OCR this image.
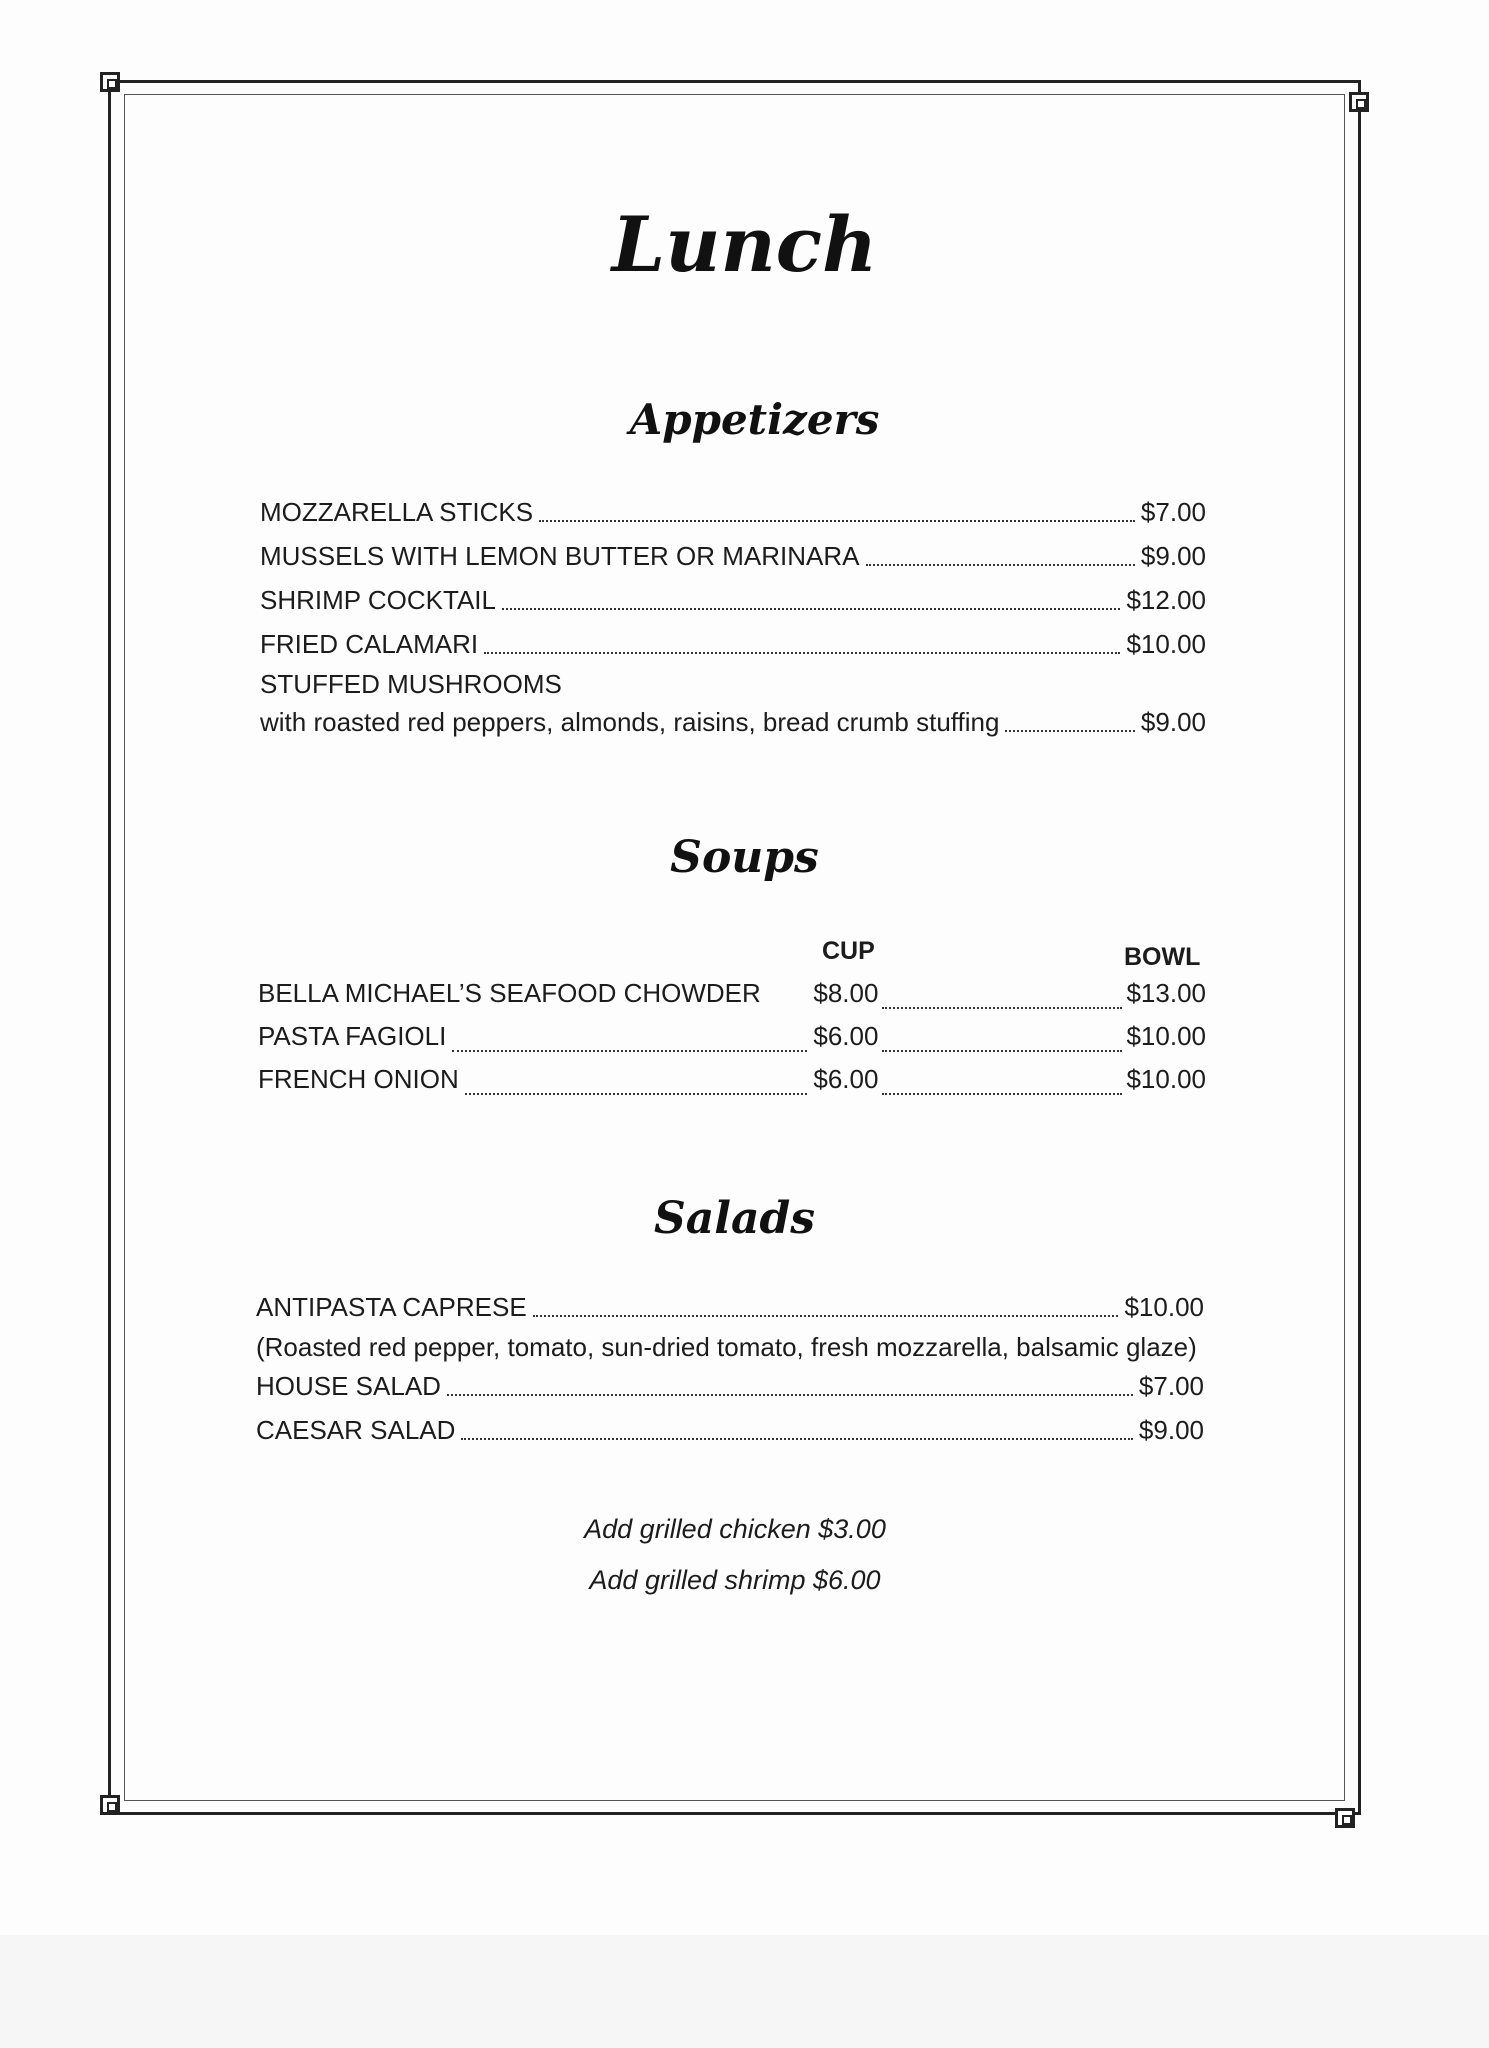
Lunch
Appetizers
MOZZARELLA STICKS	$7.00
MUSSELS WITH LEMON BUTTER OR MARINARA	$9.00
SHRIMP COCKTAIL	$12.00
FRIED CALAMARI	$10.00
STUFFED MUSHROOMS
with roasted red peppers, almonds, raisins, bread crumb stuffing	$9.00
Soups
CUP	BOWL
BELLA MICHAEL’S SEAFOOD CHOWDER $8.00	$13.00
PASTA FAGIOLI	$6.00	$10.00
FRENCH ONION	$6.00	$10.00
Salads
ANTIPASTA CAPRESE	$10.00
(Roasted red pepper, tomato, sun-dried tomato, fresh mozzarella, balsamic glaze)
HOUSE SALAD	$7.00
CAESAR SALAD	$9.00
Add grilled chicken $3.00
Add grilled shrimp $6.00
